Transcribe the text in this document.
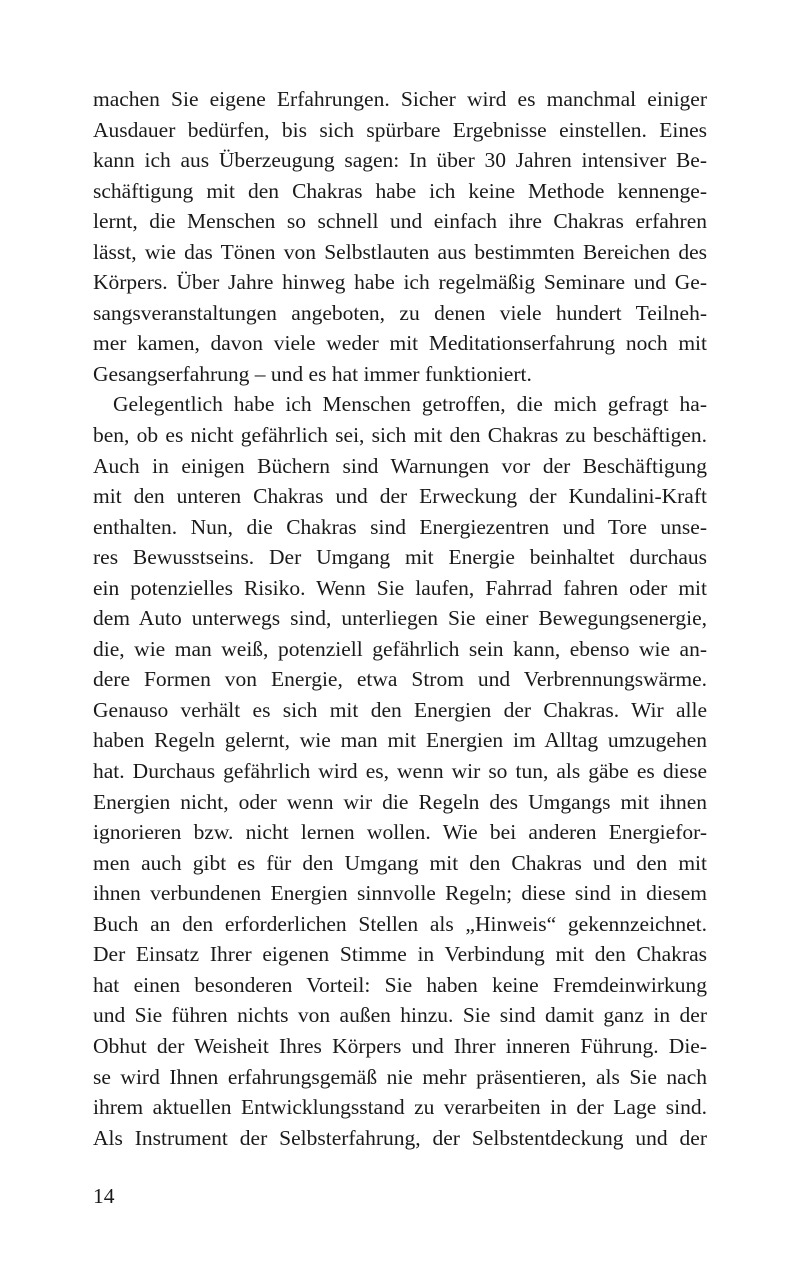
machen Sie eigene Erfahrungen. Sicher wird es manchmal einiger
Ausdauer bedürfen, bis sich spürbare Ergebnisse einstellen. Eines
kann ich aus Überzeugung sagen: In über 30 Jahren intensiver Be-
schäftigung mit den Chakras habe ich keine Methode kennenge-
lernt, die Menschen so schnell und einfach ihre Chakras erfahren
lässt, wie das Tönen von Selbstlauten aus bestimmten Bereichen des
Körpers. Über Jahre hinweg habe ich regelmäßig Seminare und Ge-
sangsveranstaltungen angeboten, zu denen viele hundert Teilneh-
mer kamen, davon viele weder mit Meditationserfahrung noch mit
Gesangserfahrung – und es hat immer funktioniert.
Gelegentlich habe ich Menschen getroffen, die mich gefragt ha-
ben, ob es nicht gefährlich sei, sich mit den Chakras zu beschäftigen.
Auch in einigen Büchern sind Warnungen vor der Beschäftigung
mit den unteren Chakras und der Erweckung der Kundalini-Kraft
enthalten. Nun, die Chakras sind Energiezentren und Tore unse-
res Bewusstseins. Der Umgang mit Energie beinhaltet durchaus
ein potenzielles Risiko. Wenn Sie laufen, Fahrrad fahren oder mit
dem Auto unterwegs sind, unterliegen Sie einer Bewegungsenergie,
die, wie man weiß, potenziell gefährlich sein kann, ebenso wie an-
dere Formen von Energie, etwa Strom und Verbrennungswärme.
Genauso verhält es sich mit den Energien der Chakras. Wir alle
haben Regeln gelernt, wie man mit Energien im Alltag umzugehen
hat. Durchaus gefährlich wird es, wenn wir so tun, als gäbe es diese
Energien nicht, oder wenn wir die Regeln des Umgangs mit ihnen
ignorieren bzw. nicht lernen wollen. Wie bei anderen Energiefor-
men auch gibt es für den Umgang mit den Chakras und den mit
ihnen verbundenen Energien sinnvolle Regeln; diese sind in diesem
Buch an den erforderlichen Stellen als „Hinweis“ gekennzeichnet.
Der Einsatz Ihrer eigenen Stimme in Verbindung mit den Chakras
hat einen besonderen Vorteil: Sie haben keine Fremdeinwirkung
und Sie führen nichts von außen hinzu. Sie sind damit ganz in der
Obhut der Weisheit Ihres Körpers und Ihrer inneren Führung. Die-
se wird Ihnen erfahrungsgemäß nie mehr präsentieren, als Sie nach
ihrem aktuellen Entwicklungsstand zu verarbeiten in der Lage sind.
Als Instrument der Selbsterfahrung, der Selbstentdeckung und der
14
